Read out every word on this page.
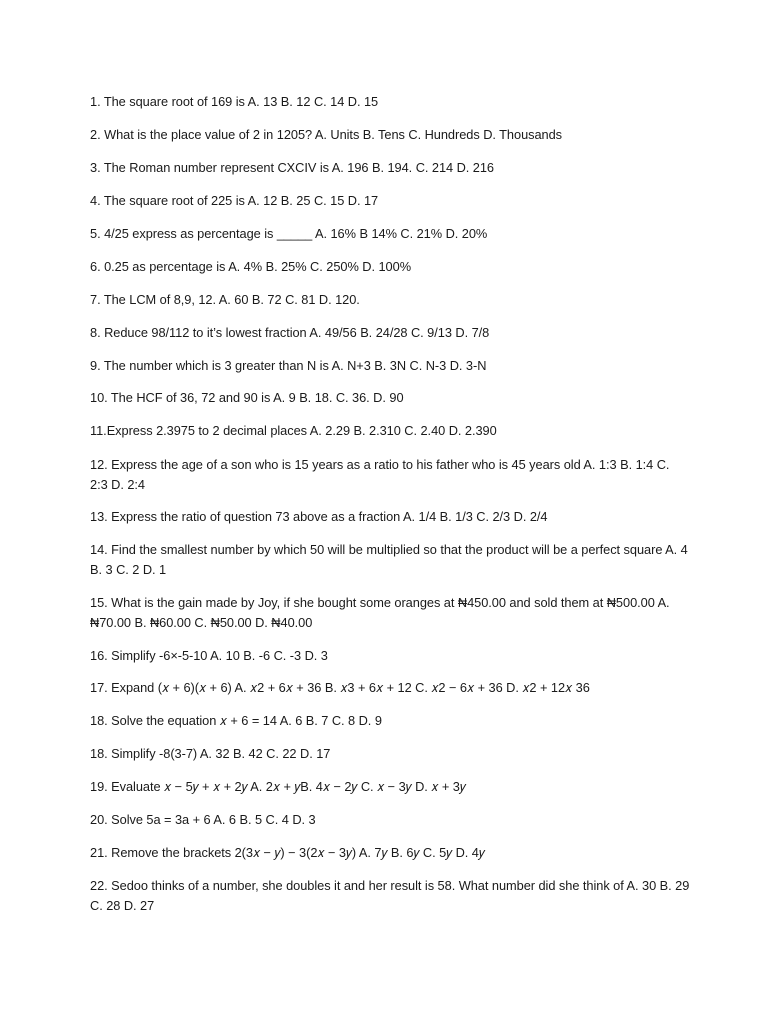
1. The square root of 169 is A. 13 B. 12 C. 14 D. 15

2. What is the place value of 2 in 1205? A. Units B. Tens C. Hundreds D. Thousands

3. The Roman number represent CXCIV is A. 196 B. 194. C. 214 D. 216

4. The square root of 225 is A. 12 B. 25 C. 15 D. 17

5. 4/25 express as percentage is _____ A. 16% B 14% C. 21% D. 20%

6. 0.25 as percentage is A. 4% B. 25% C. 250% D. 100%

7. The LCM of 8,9, 12. A. 60 B. 72 C. 81 D. 120.

8. Reduce 98/112 to it’s lowest fraction A. 49/56 B. 24/28 C. 9/13 D. 7/8

9. The number which is 3 greater than N is A. N+3 B. 3N C. N-3 D. 3-N

10. The HCF of 36, 72 and 90 is A. 9 B. 18. C. 36. D. 90

11.Express 2.3975 to 2 decimal places A. 2.29 B. 2.310 C. 2.40 D. 2.390

12. Express the age of a son who is 15 years as a ratio to his father who is 45 years old A. 1:3 B. 1:4 C. 2:3 D. 2:4

13. Express the ratio of question 73 above as a fraction A. 1/4 B. 1/3 C. 2/3 D. 2/4

14. Find the smallest number by which 50 will be multiplied so that the product will be a perfect square A. 4 B. 3 C. 2 D. 1

15. What is the gain made by Joy, if she bought some oranges at ₦450.00 and sold them at ₦500.00 A. ₦70.00 B. ₦60.00 C. ₦50.00 D. ₦40.00

16. Simplify -6×-5-10 A. 10 B. -6 C. -3 D. 3

17. Expand (𝑥 + 6)(𝑥 + 6) A. 𝑥2 + 6𝑥 + 36 B. 𝑥3 + 6𝑥 + 12 C. 𝑥2 − 6𝑥 + 36 D. 𝑥2 + 12𝑥 36

18. Solve the equation 𝑥 + 6 = 14 A. 6 B. 7 C. 8 D. 9

18. Simplify -8(3-7) A. 32 B. 42 C. 22 D. 17

19. Evaluate 𝑥 − 5𝑦 + 𝑥 + 2𝑦 A. 2𝑥 + 𝑦B. 4𝑥 − 2𝑦 C. 𝑥 − 3𝑦 D. 𝑥 + 3𝑦

20. Solve 5a = 3a + 6 A. 6 B. 5 C. 4 D. 3

21. Remove the brackets 2(3𝑥 − 𝑦) − 3(2𝑥 − 3𝑦) A. 7𝑦 B. 6𝑦 C. 5𝑦 D. 4𝑦

22. Sedoo thinks of a number, she doubles it and her result is 58. What number did she think of A. 30 B. 29 C. 28 D. 27
